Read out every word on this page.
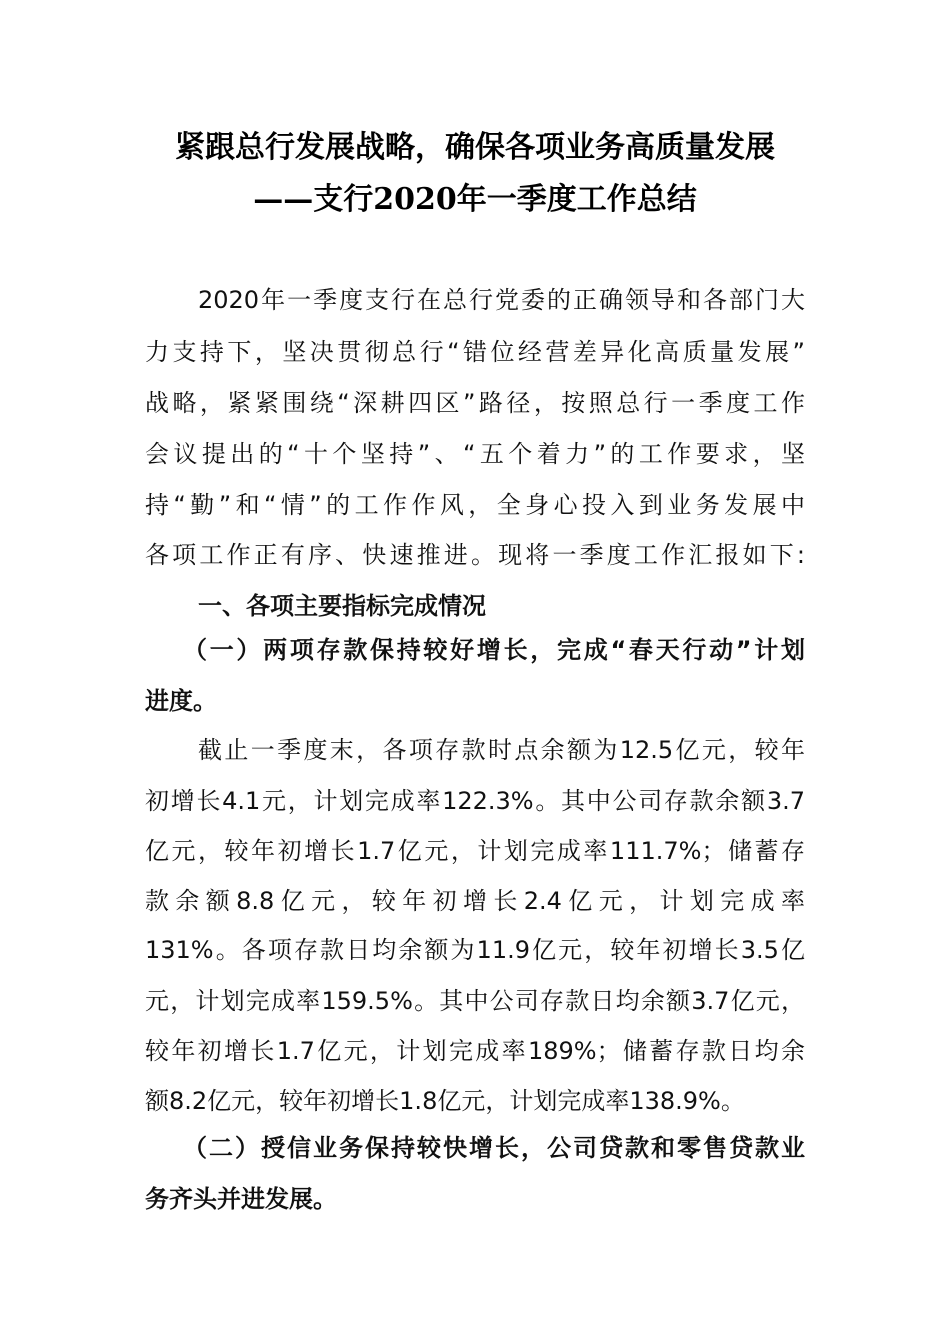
紧跟总行发展战略，确保各项业务高质量发展
——支行2020年一季度工作总结
2020年一季度支行在总行党委的正确领导和各部门大
力支持下，坚决贯彻总行“错位经营差异化高质量发展”
战略，紧紧围绕“深耕四区”路径，按照总行一季度工作
会议提出的“十个坚持”、“五个着力”的工作要求，坚
持“勤”和“情”的工作作风，全身心投入到业务发展中
各项工作正有序、快速推进。现将一季度工作汇报如下:
一、各项主要指标完成情况
（一）两项存款保持较好增长，完成“春天行动”计划
进度。
截止一季度末，各项存款时点余额为12.5亿元，较年
初增长4.1元，计划完成率122.3%。其中公司存款余额3.7
亿元，较年初增长1.7亿元，计划完成率111.7%；储蓄存
款余额8.8亿元，较年初增长2.4亿元，计划完成率
131%。各项存款日均余额为11.9亿元，较年初增长3.5亿
元，计划完成率159.5%。其中公司存款日均余额3.7亿元，
较年初增长1.7亿元，计划完成率189%；储蓄存款日均余
额8.2亿元，较年初增长1.8亿元，计划完成率138.9%。
（二）授信业务保持较快增长，公司贷款和零售贷款业
务齐头并进发展。
